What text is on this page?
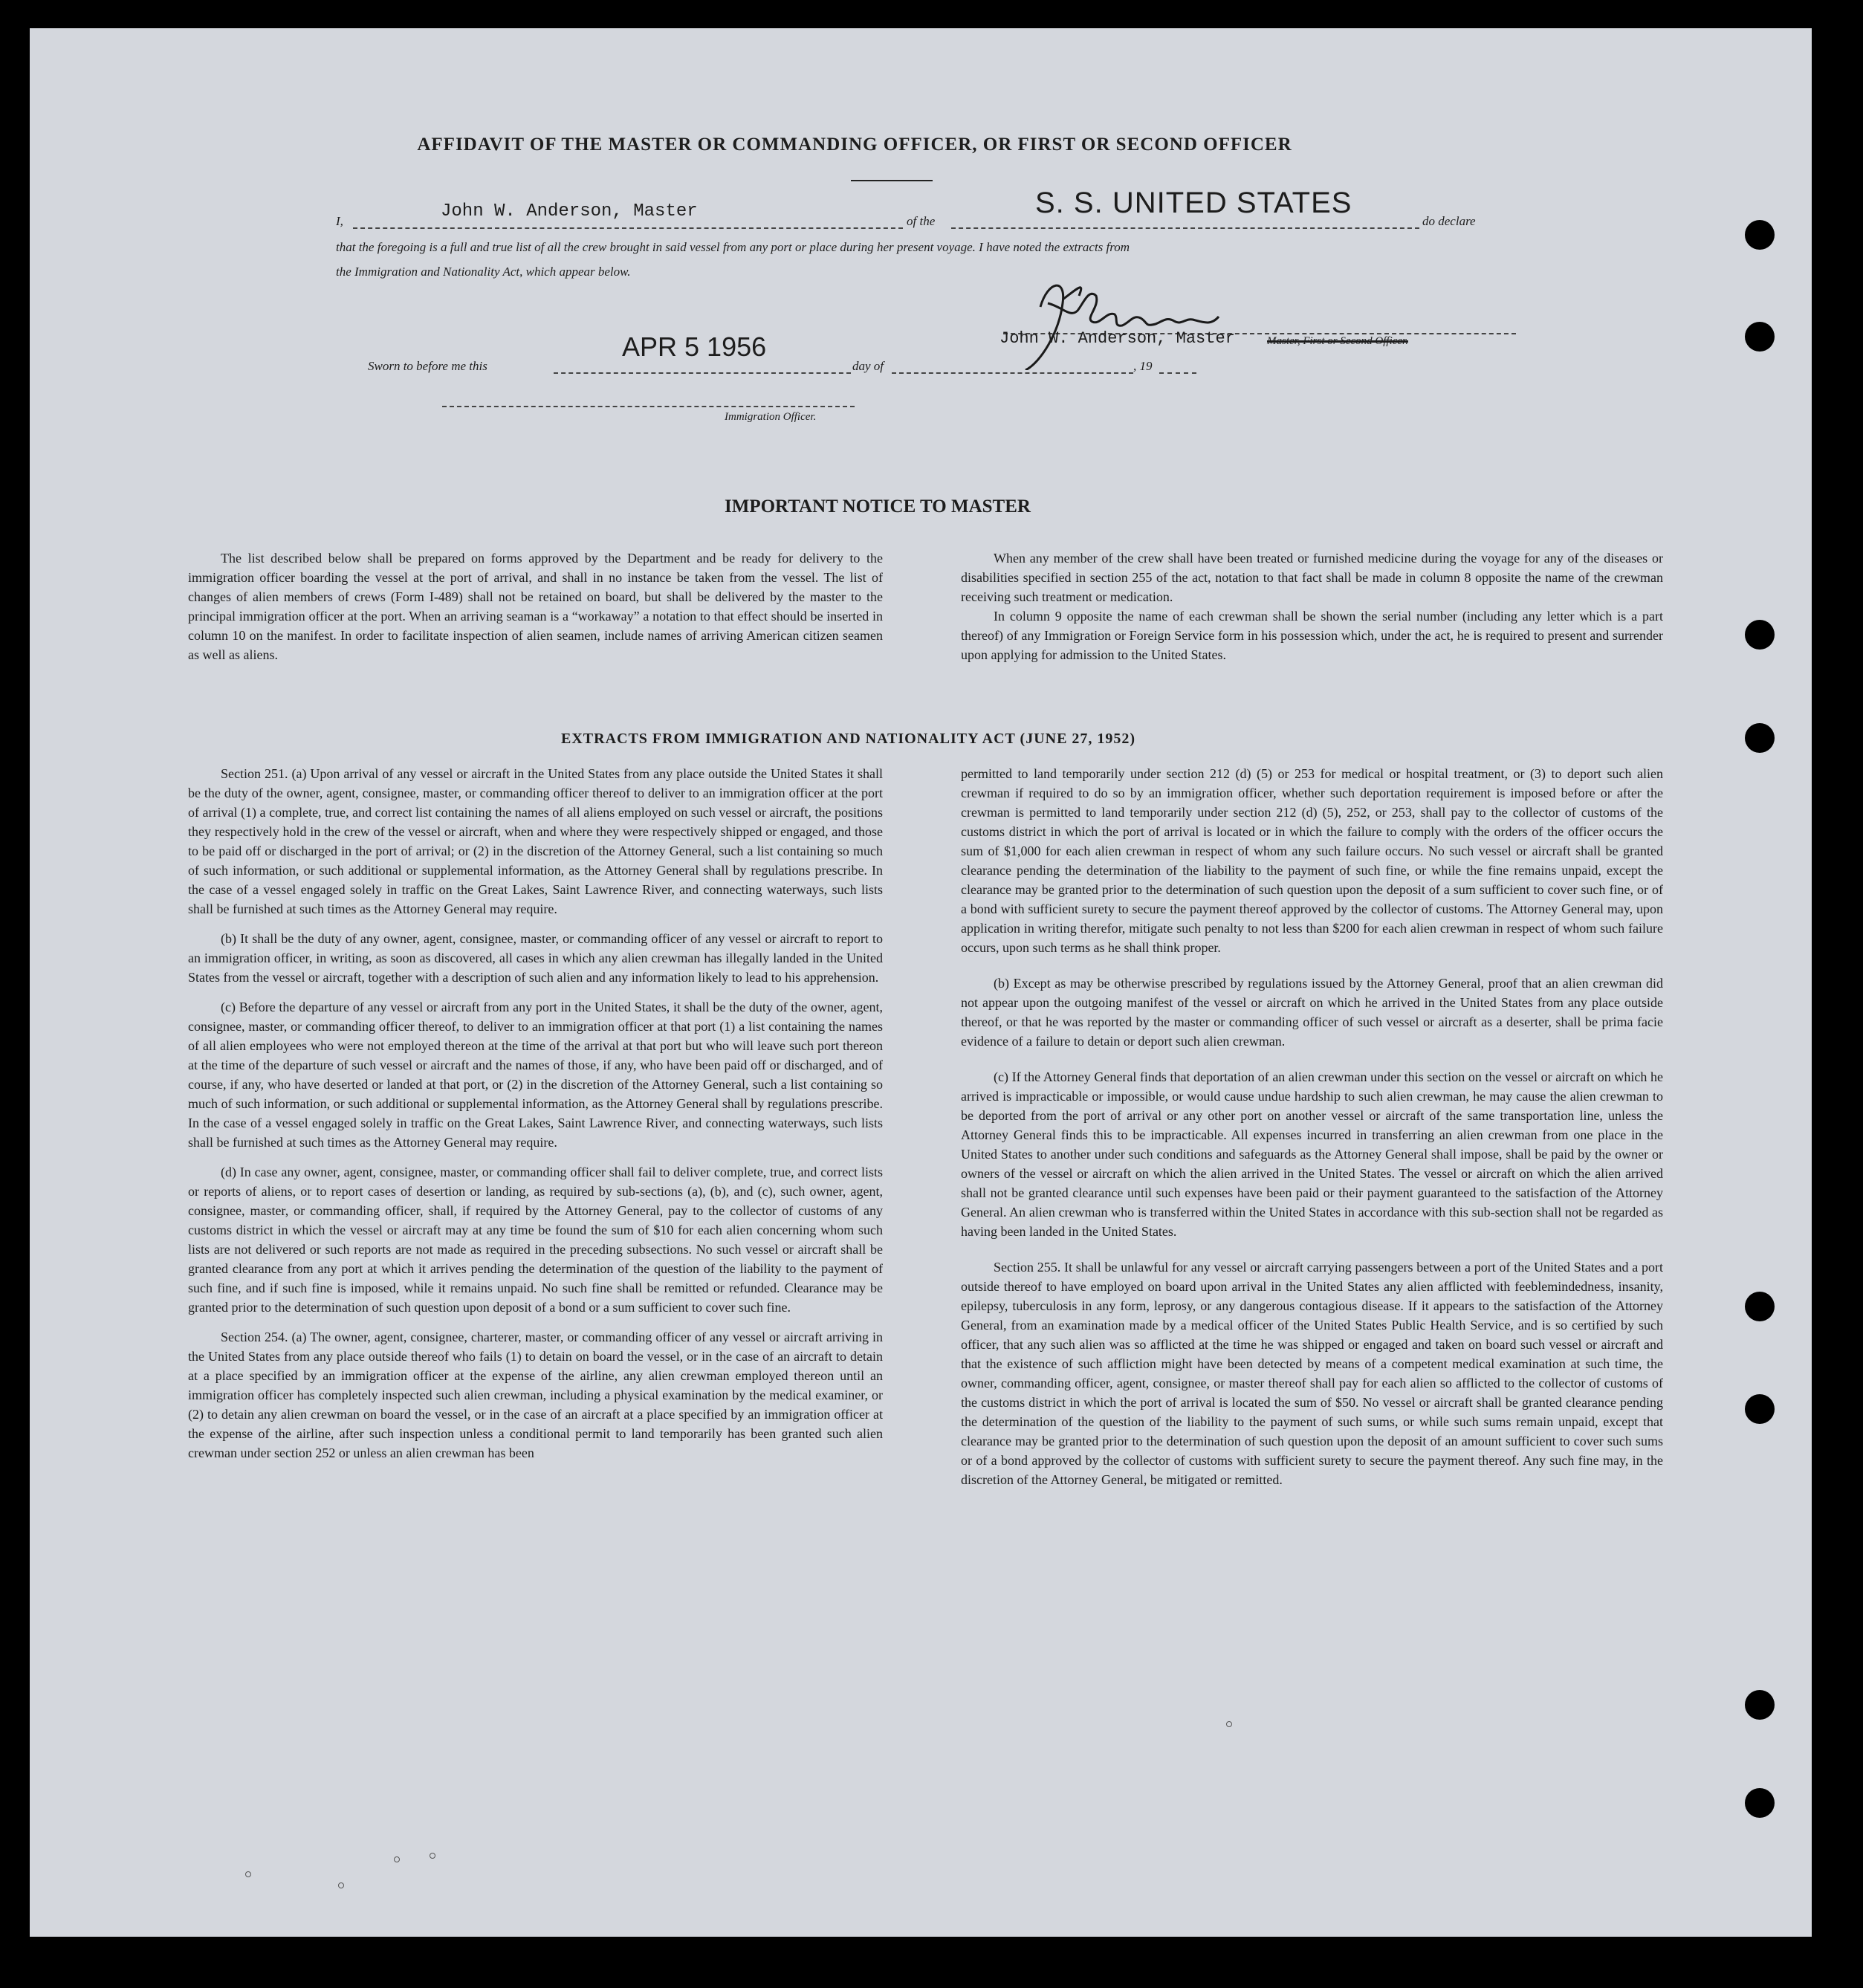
AFFIDAVIT OF THE MASTER OR COMMANDING OFFICER, OR FIRST OR SECOND OFFICER
I,	John W. Anderson, Master	of the
S. S. UNITED STATES
do declare
that the foregoing is a full and true list of all the crew brought in said vessel from any port or place during her present voyage. I have noted the extracts from
the Immigration and Nationality Act, which appear below.
John W. Anderson, Master	Master, First or Second Officer.
Sworn to before me this
APR 5 1956
day of	, 19
Immigration Officer.
IMPORTANT NOTICE TO MASTER

The list described below shall be prepared on forms approved by the Department and be ready for delivery to the immigration officer boarding the vessel at the port of arrival, and shall in no instance be taken from the vessel. The list of changes of alien members of crews (Form I-489) shall not be retained on board, but shall be delivered by the master to the principal immigration officer at the port. When an arriving seaman is a “workaway” a notation to that effect should be inserted in column 10 on the manifest. In order to facilitate inspection of alien seamen, include names of arriving American citizen seamen as well as aliens.

When any member of the crew shall have been treated or furnished medicine during the voyage for any of the diseases or disabilities specified in section 255 of the act, notation to that fact shall be made in column 8 opposite the name of the crewman receiving such treatment or medication.

In column 9 opposite the name of each crewman shall be shown the serial number (including any letter which is a part thereof) of any Immigration or Foreign Service form in his possession which, under the act, he is required to present and surrender upon applying for admission to the United States.

EXTRACTS FROM IMMIGRATION AND NATIONALITY ACT (JUNE 27, 1952)

Section 251. (a) Upon arrival of any vessel or aircraft in the United States from any place outside the United States it shall be the duty of the owner, agent, consignee, master, or commanding officer thereof to deliver to an immigration officer at the port of arrival (1) a complete, true, and correct list containing the names of all aliens employed on such vessel or aircraft, the positions they respectively hold in the crew of the vessel or aircraft, when and where they were respectively shipped or engaged, and those to be paid off or discharged in the port of arrival; or (2) in the discretion of the Attorney General, such a list containing so much of such information, or such additional or supplemental information, as the Attorney General shall by regulations prescribe. In the case of a vessel engaged solely in traffic on the Great Lakes, Saint Lawrence River, and connecting waterways, such lists shall be furnished at such times as the Attorney General may require.

(b) It shall be the duty of any owner, agent, consignee, master, or commanding officer of any vessel or aircraft to report to an immigration officer, in writing, as soon as discovered, all cases in which any alien crewman has illegally landed in the United States from the vessel or aircraft, together with a description of such alien and any information likely to lead to his apprehension.

(c) Before the departure of any vessel or aircraft from any port in the United States, it shall be the duty of the owner, agent, consignee, master, or commanding officer thereof, to deliver to an immigration officer at that port (1) a list containing the names of all alien employees who were not employed thereon at the time of the arrival at that port but who will leave such port thereon at the time of the departure of such vessel or aircraft and the names of those, if any, who have been paid off or discharged, and of course, if any, who have deserted or landed at that port, or (2) in the discretion of the Attorney General, such a list containing so much of such information, or such additional or supplemental information, as the Attorney General shall by regulations prescribe. In the case of a vessel engaged solely in traffic on the Great Lakes, Saint Lawrence River, and connecting waterways, such lists shall be furnished at such times as the Attorney General may require.

(d) In case any owner, agent, consignee, master, or commanding officer shall fail to deliver complete, true, and correct lists or reports of aliens, or to report cases of desertion or landing, as required by sub-sections (a), (b), and (c), such owner, agent, consignee, master, or commanding officer, shall, if required by the Attorney General, pay to the collector of customs of any customs district in which the vessel or aircraft may at any time be found the sum of $10 for each alien concerning whom such lists are not delivered or such reports are not made as required in the preceding subsections. No such vessel or aircraft shall be granted clearance from any port at which it arrives pending the determination of the question of the liability to the payment of such fine, and if such fine is imposed, while it remains unpaid. No such fine shall be remitted or refunded. Clearance may be granted prior to the determination of such question upon deposit of a bond or a sum sufficient to cover such fine.

Section 254. (a) The owner, agent, consignee, charterer, master, or commanding officer of any vessel or aircraft arriving in the United States from any place outside thereof who fails (1) to detain on board the vessel, or in the case of an aircraft to detain at a place specified by an immigration officer at the expense of the airline, any alien crewman employed thereon until an immigration officer has completely inspected such alien crewman, including a physical examination by the medical examiner, or (2) to detain any alien crewman on board the vessel, or in the case of an aircraft at a place specified by an immigration officer at the expense of the airline, after such inspection unless a conditional permit to land temporarily has been granted such alien crewman under section 252 or unless an alien crewman has been

permitted to land temporarily under section 212 (d) (5) or 253 for medical or hospital treatment, or (3) to deport such alien crewman if required to do so by an immigration officer, whether such deportation requirement is imposed before or after the crewman is permitted to land temporarily under section 212 (d) (5), 252, or 253, shall pay to the collector of customs of the customs district in which the port of arrival is located or in which the failure to comply with the orders of the officer occurs the sum of $1,000 for each alien crewman in respect of whom any such failure occurs. No such vessel or aircraft shall be granted clearance pending the determination of the liability to the payment of such fine, or while the fine remains unpaid, except the clearance may be granted prior to the determination of such question upon the deposit of a sum sufficient to cover such fine, or of a bond with sufficient surety to secure the payment thereof approved by the collector of customs. The Attorney General may, upon application in writing therefor, mitigate such penalty to not less than $200 for each alien crewman in respect of whom such failure occurs, upon such terms as he shall think proper.

(b) Except as may be otherwise prescribed by regulations issued by the Attorney General, proof that an alien crewman did not appear upon the outgoing manifest of the vessel or aircraft on which he arrived in the United States from any place outside thereof, or that he was reported by the master or commanding officer of such vessel or aircraft as a deserter, shall be prima facie evidence of a failure to detain or deport such alien crewman.

(c) If the Attorney General finds that deportation of an alien crewman under this section on the vessel or aircraft on which he arrived is impracticable or impossible, or would cause undue hardship to such alien crewman, he may cause the alien crewman to be deported from the port of arrival or any other port on another vessel or aircraft of the same transportation line, unless the Attorney General finds this to be impracticable. All expenses incurred in transferring an alien crewman from one place in the United States to another under such conditions and safeguards as the Attorney General shall impose, shall be paid by the owner or owners of the vessel or aircraft on which the alien arrived in the United States. The vessel or aircraft on which the alien arrived shall not be granted clearance until such expenses have been paid or their payment guaranteed to the satisfaction of the Attorney General. An alien crewman who is transferred within the United States in accordance with this sub-section shall not be regarded as having been landed in the United States.

Section 255. It shall be unlawful for any vessel or aircraft carrying passengers between a port of the United States and a port outside thereof to have employed on board upon arrival in the United States any alien afflicted with feeblemindedness, insanity, epilepsy, tuberculosis in any form, leprosy, or any dangerous contagious disease. If it appears to the satisfaction of the Attorney General, from an examination made by a medical officer of the United States Public Health Service, and is so certified by such officer, that any such alien was so afflicted at the time he was shipped or engaged and taken on board such vessel or aircraft and that the existence of such affliction might have been detected by means of a competent medical examination at such time, the owner, commanding officer, agent, consignee, or master thereof shall pay for each alien so afflicted to the collector of customs of the customs district in which the port of arrival is located the sum of $50. No vessel or aircraft shall be granted clearance pending the determination of the question of the liability to the payment of such sums, or while such sums remain unpaid, except that clearance may be granted prior to the determination of such question upon the deposit of an amount sufficient to cover such sums or of a bond approved by the collector of customs with sufficient surety to secure the payment thereof. Any such fine may, in the discretion of the Attorney General, be mitigated or remitted.
